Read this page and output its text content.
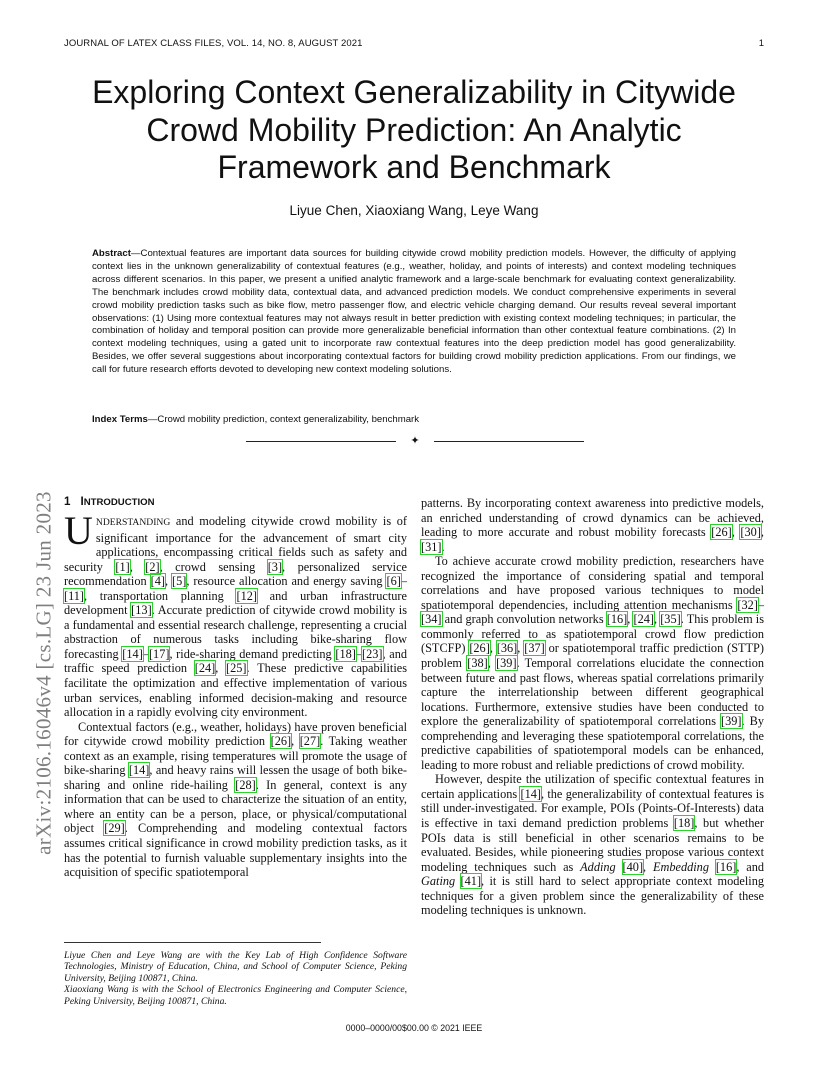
JOURNAL OF LATEX CLASS FILES, VOL. 14, NO. 8, AUGUST 2021	1
arXiv:2106.16046v4 [cs.LG] 23 Jun 2023
Exploring Context Generalizability in Citywide Crowd Mobility Prediction: An Analytic Framework and Benchmark
Liyue Chen, Xiaoxiang Wang, Leye Wang

Abstract—Contextual features are important data sources for building citywide crowd mobility prediction models. However, the difficulty of applying context lies in the unknown generalizability of contextual features (e.g., weather, holiday, and points of interests) and context modeling techniques across different scenarios. In this paper, we present a unified analytic framework and a large-scale benchmark for evaluating context generalizability. The benchmark includes crowd mobility data, contextual data, and advanced prediction models. We conduct comprehensive experiments in several crowd mobility prediction tasks such as bike flow, metro passenger flow, and electric vehicle charging demand. Our results reveal several important observations: (1) Using more contextual features may not always result in better prediction with existing context modeling techniques; in particular, the combination of holiday and temporal position can provide more generalizable beneficial information than other contextual feature combinations. (2) In context modeling techniques, using a gated unit to incorporate raw contextual features into the deep prediction model has good generalizability. Besides, we offer several suggestions about incorporating contextual factors for building crowd mobility prediction applications. From our findings, we call for future research efforts devoted to developing new context modeling solutions.

Index Terms—Crowd mobility prediction, context generalizability, benchmark

✦
1 INTRODUCTION

UNDERSTANDING and modeling citywide crowd mobility is of significant importance for the advancement of smart city applications, encompassing critical fields such as safety and security [1], [2], crowd sensing [3], personalized service recommendation [4], [5], resource allocation and energy saving [6]–[11], transportation planning [12] and urban infrastructure development [13]. Accurate prediction of citywide crowd mobility is a fundamental and essential research challenge, representing a crucial abstraction of numerous tasks including bike-sharing flow forecasting [14]–[17], ride-sharing demand predicting [18]–[23], and traffic speed prediction [24], [25]. These predictive capabilities facilitate the optimization and effective implementation of various urban services, enabling informed decision-making and resource allocation in a rapidly evolving city environment.

Contextual factors (e.g., weather, holidays) have proven beneficial for citywide crowd mobility prediction [26], [27]. Taking weather context as an example, rising temperatures will promote the usage of bike-sharing [14], and heavy rains will lessen the usage of both bike-sharing and online ride-hailing [28]. In general, context is any information that can be used to characterize the situation of an entity, where an entity can be a person, place, or physical/computational object [29]. Comprehending and modeling contextual factors assumes critical significance in crowd mobility prediction tasks, as it has the potential to furnish valuable supplementary insights into the acquisition of specific spatiotemporal

Liyue Chen and Leye Wang are with the Key Lab of High Confidence Software Technologies, Ministry of Education, China, and School of Computer Science, Peking University, Beijing 100871, China.

Xiaoxiang Wang is with the School of Electronics Engineering and Computer Science, Peking University, Beijing 100871, China.

patterns. By incorporating context awareness into predictive models, an enriched understanding of crowd dynamics can be achieved, leading to more accurate and robust mobility forecasts [26], [30], [31].

To achieve accurate crowd mobility prediction, researchers have recognized the importance of considering spatial and temporal correlations and have proposed various techniques to model spatiotemporal dependencies, including attention mechanisms [32]–[34] and graph convolution networks [16], [24], [35]. This problem is commonly referred to as spatiotemporal crowd flow prediction (STCFP) [26], [36], [37] or spatiotemporal traffic prediction (STTP) problem [38], [39]. Temporal correlations elucidate the connection between future and past flows, whereas spatial correlations primarily capture the interrelationship between different geographical locations. Furthermore, extensive studies have been conducted to explore the generalizability of spatiotemporal correlations [39]. By comprehending and leveraging these spatiotemporal correlations, the predictive capabilities of spatiotemporal models can be enhanced, leading to more robust and reliable predictions of crowd mobility.

However, despite the utilization of specific contextual features in certain applications [14], the generalizability of contextual features is still under-investigated. For example, POIs (Points-Of-Interests) data is effective in taxi demand prediction problems [18], but whether POIs data is still beneficial in other scenarios remains to be evaluated. Besides, while pioneering studies propose various context modeling techniques such as Adding [40], Embedding [16], and Gating [41], it is still hard to select appropriate context modeling techniques for a given problem since the generalizability of these modeling techniques is unknown.

0000–0000/00$00.00 © 2021 IEEE
